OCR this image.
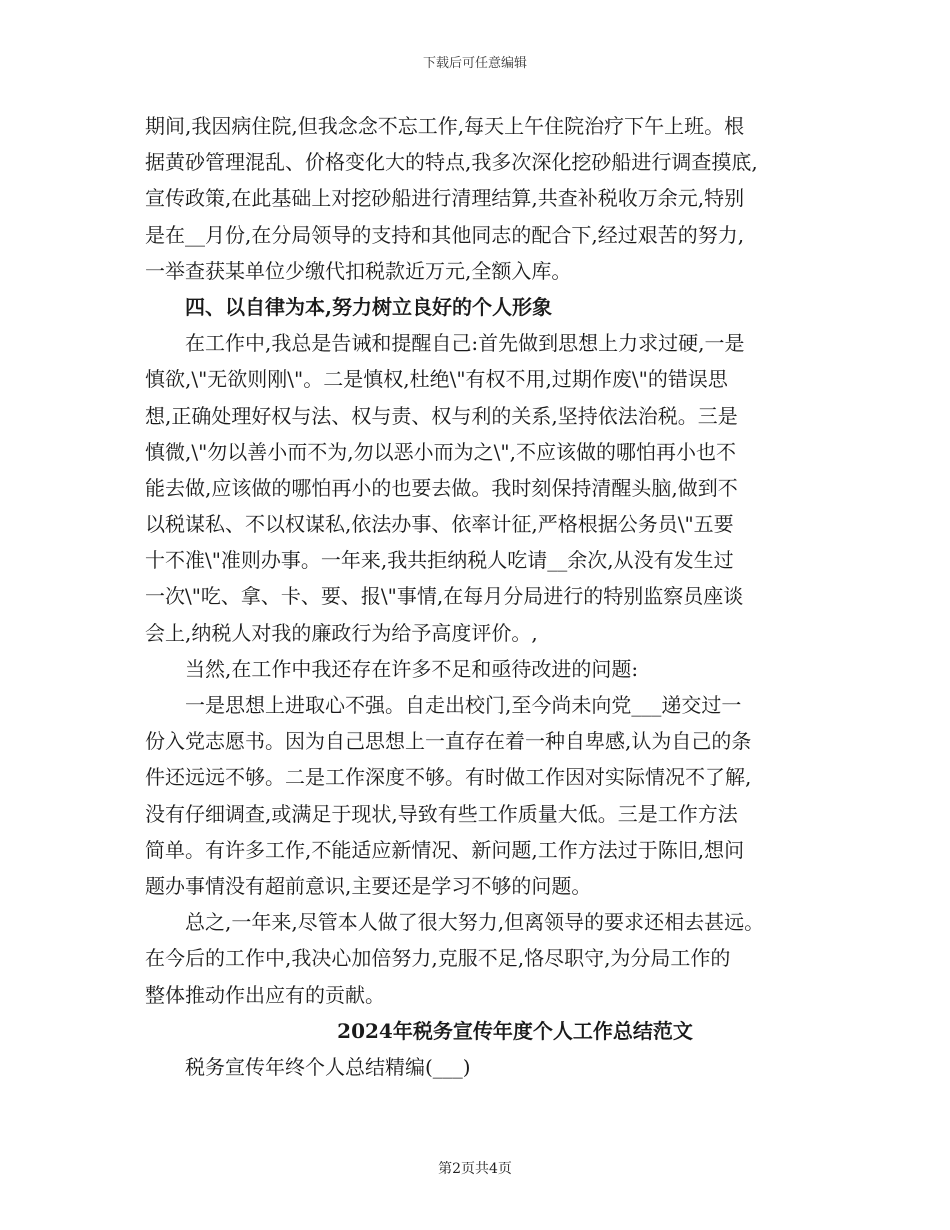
下载后可任意编辑
期间,我因病住院,但我念念不忘工作,每天上午住院治疗下午上班。根
据黄砂管理混乱、价格变化大的特点,我多次深化挖砂船进行调查摸底,
宣传政策,在此基础上对挖砂船进行清理结算,共查补税收万余元,特别
是在__月份,在分局领导的支持和其他同志的配合下,经过艰苦的努力,
一举查获某单位少缴代扣税款近万元,全额入库。
四、以自律为本,努力树立良好的个人形象
在工作中,我总是告诫和提醒自己:首先做到思想上力求过硬,一是
慎欲,\"无欲则刚\"。二是慎权,杜绝\"有权不用,过期作废\"的错误思
想,正确处理好权与法、权与责、权与利的关系,坚持依法治税。三是
慎微,\"勿以善小而不为,勿以恶小而为之\",不应该做的哪怕再小也不
能去做,应该做的哪怕再小的也要去做。我时刻保持清醒头脑,做到不
以税谋私、不以权谋私,依法办事、依率计征,严格根据公务员\"五要
十不准\"准则办事。一年来,我共拒纳税人吃请__余次,从没有发生过
一次\"吃、拿、卡、要、报\"事情,在每月分局进行的特别监察员座谈
会上,纳税人对我的廉政行为给予高度评价。,
当然,在工作中我还存在许多不足和亟待改进的问题:
一是思想上进取心不强。自走出校门,至今尚未向党___递交过一
份入党志愿书。因为自己思想上一直存在着一种自卑感,认为自己的条
件还远远不够。二是工作深度不够。有时做工作因对实际情况不了解,
没有仔细调查,或满足于现状,导致有些工作质量大低。三是工作方法
简单。有许多工作,不能适应新情况、新问题,工作方法过于陈旧,想问
题办事情没有超前意识,主要还是学习不够的问题。
总之,一年来,尽管本人做了很大努力,但离领导的要求还相去甚远。
在今后的工作中,我决心加倍努力,克服不足,恪尽职守,为分局工作的
整体推动作出应有的贡献。
2024年税务宣传年度个人工作总结范文
税务宣传年终个人总结精编(___)
第2页共4页
